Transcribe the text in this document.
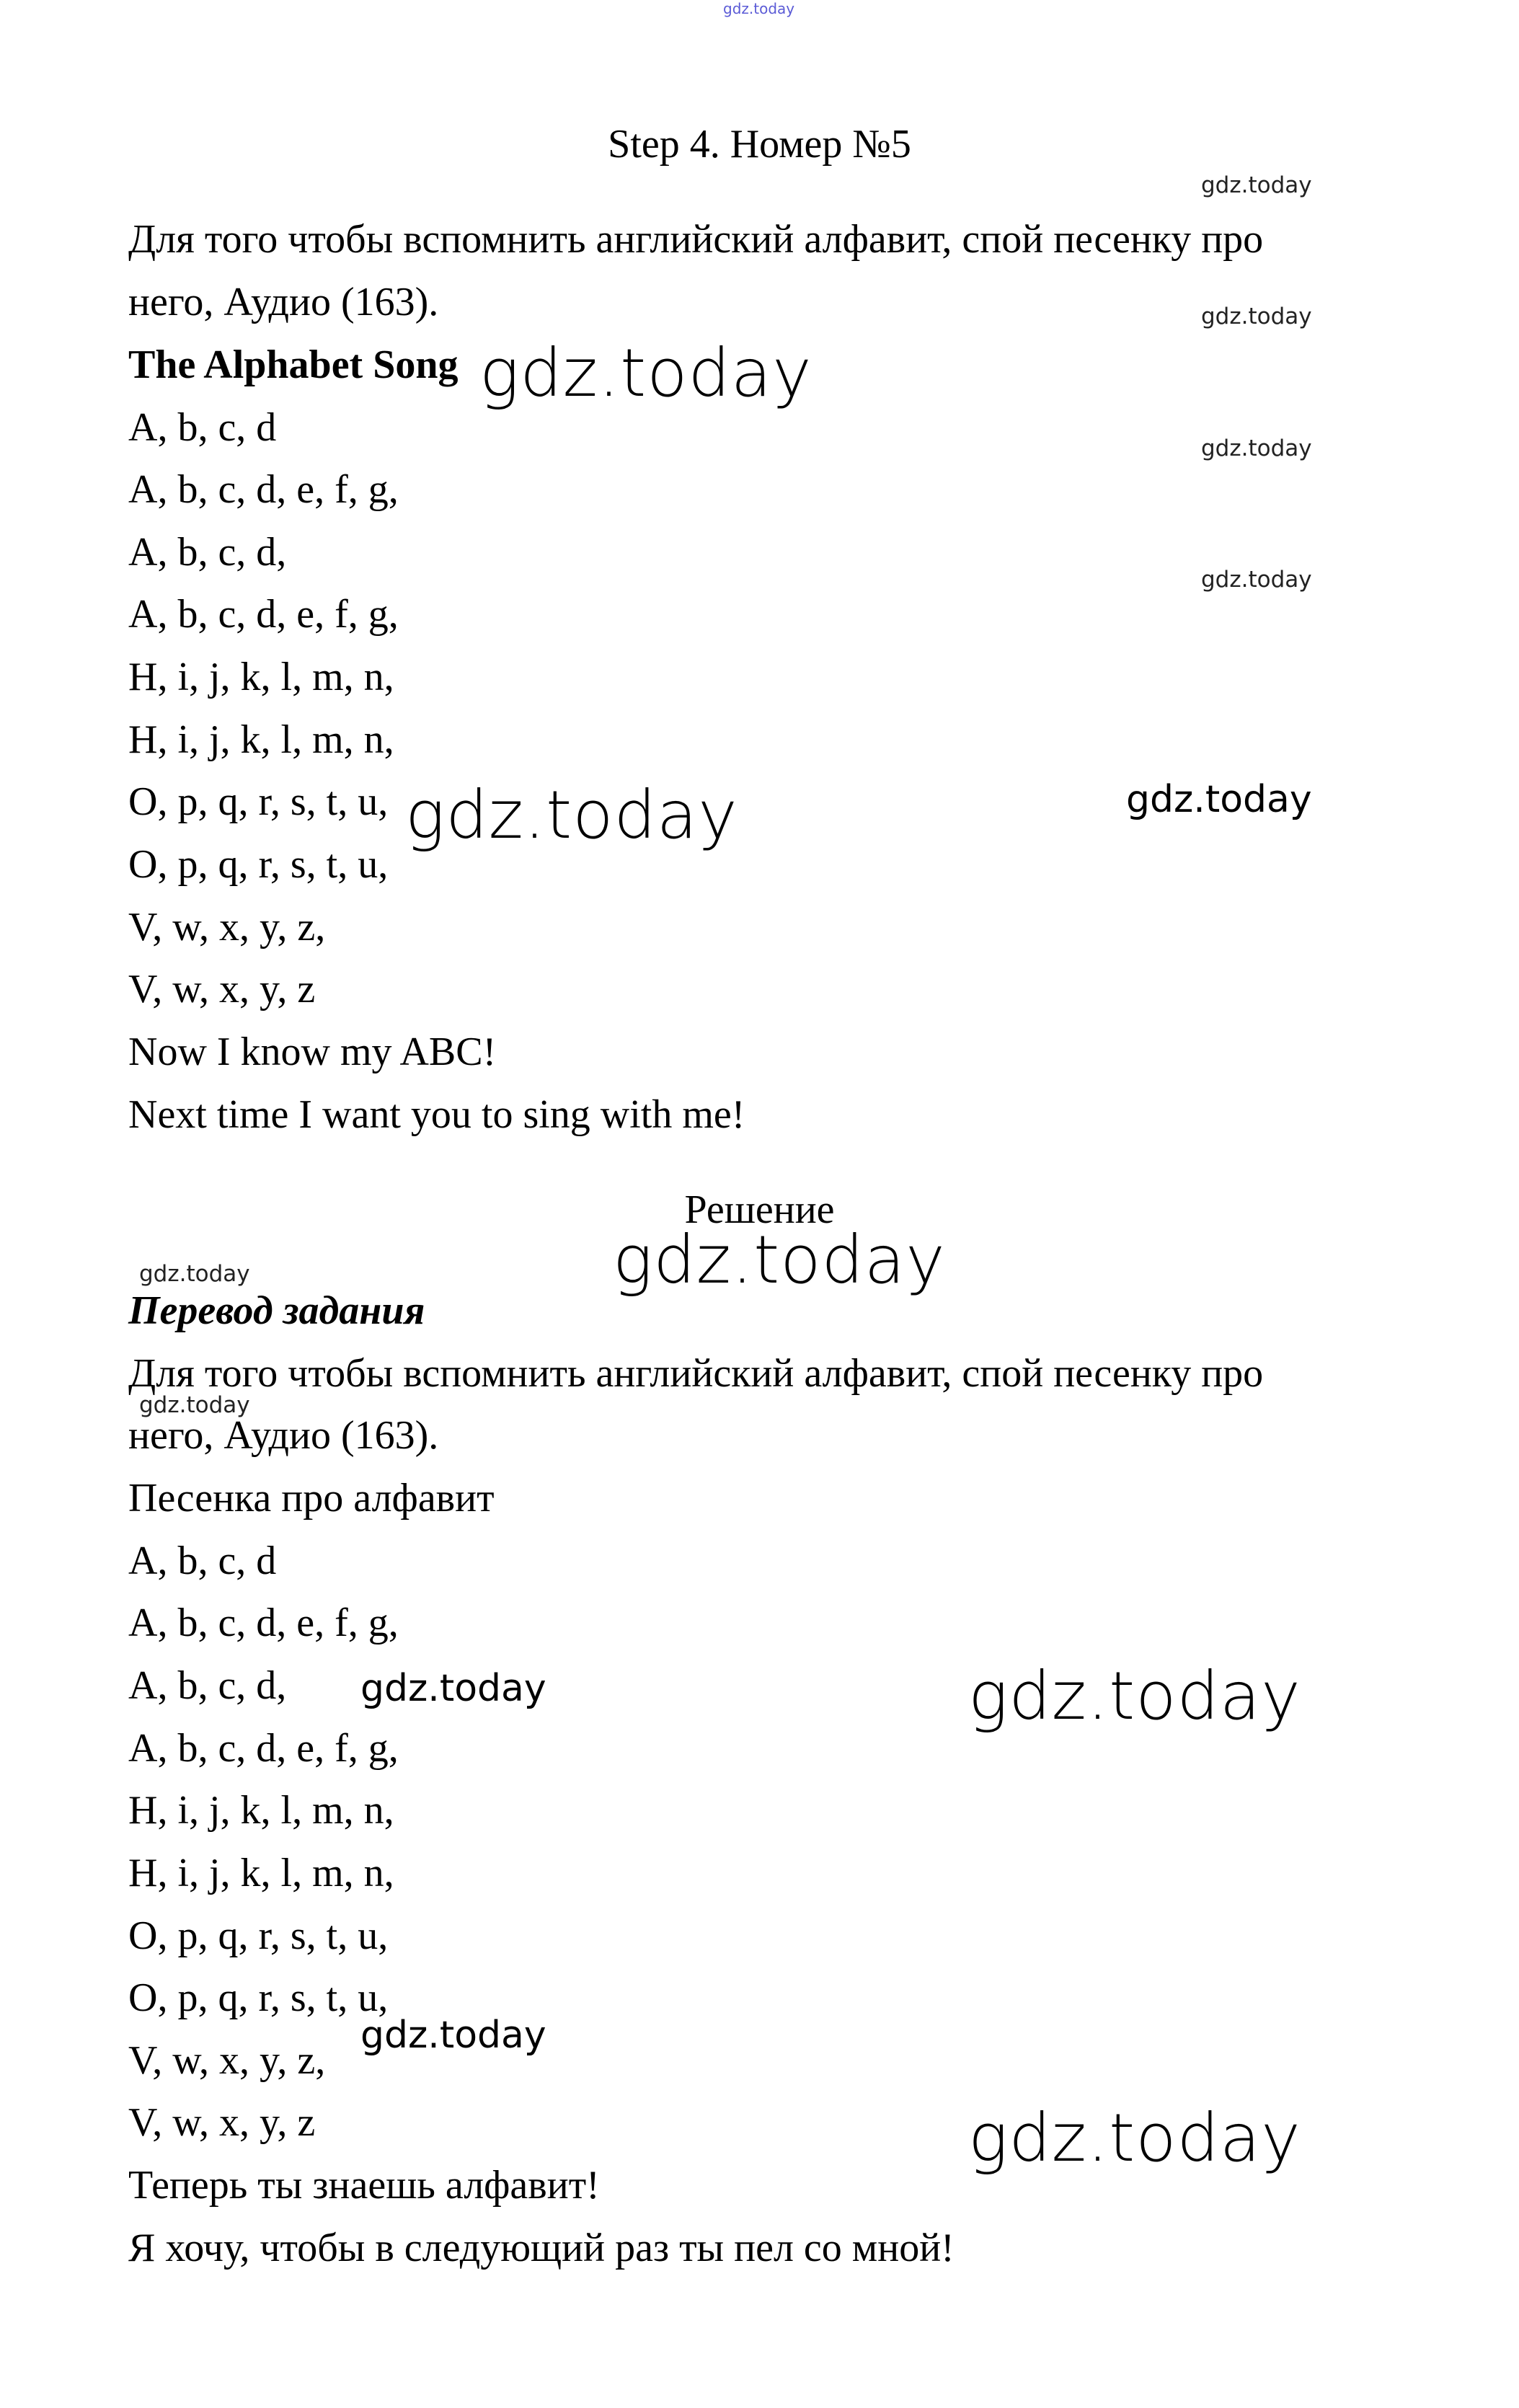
gdz.today
Step 4. Номер №5
Для того чтобы вспомнить английский алфавит, спой песенку про
него, Аудио (163).
The Alphabet Song
A, b, c, d
A, b, c, d, e, f, g,
A, b, c, d,
A, b, c, d, e, f, g,
H, i, j, k, l, m, n,
H, i, j, k, l, m, n,
O, p, q, r, s, t, u,
O, p, q, r, s, t, u,
V, w, x, y, z,
V, w, x, y, z
Now I know my ABC!
Next time I want you to sing with me!
Решение
Перевод задания
Для того чтобы вспомнить английский алфавит, спой песенку про
него, Аудио (163).
Песенка про алфавит
A, b, c, d
A, b, c, d, e, f, g,
A, b, c, d,
A, b, c, d, e, f, g,
H, i, j, k, l, m, n,
H, i, j, k, l, m, n,
O, p, q, r, s, t, u,
O, p, q, r, s, t, u,
V, w, x, y, z,
V, w, x, y, z
Теперь ты знаешь алфавит!
Я хочу, чтобы в следующий раз ты пел со мной!
gdz.today
gdz.today
gdz.today
gdz.today
gdz.today
gdz.today
gdz.today
gdz.today
gdz.today
gdz.today
gdz.today	gdz.today
gdz.today
gdz.today
